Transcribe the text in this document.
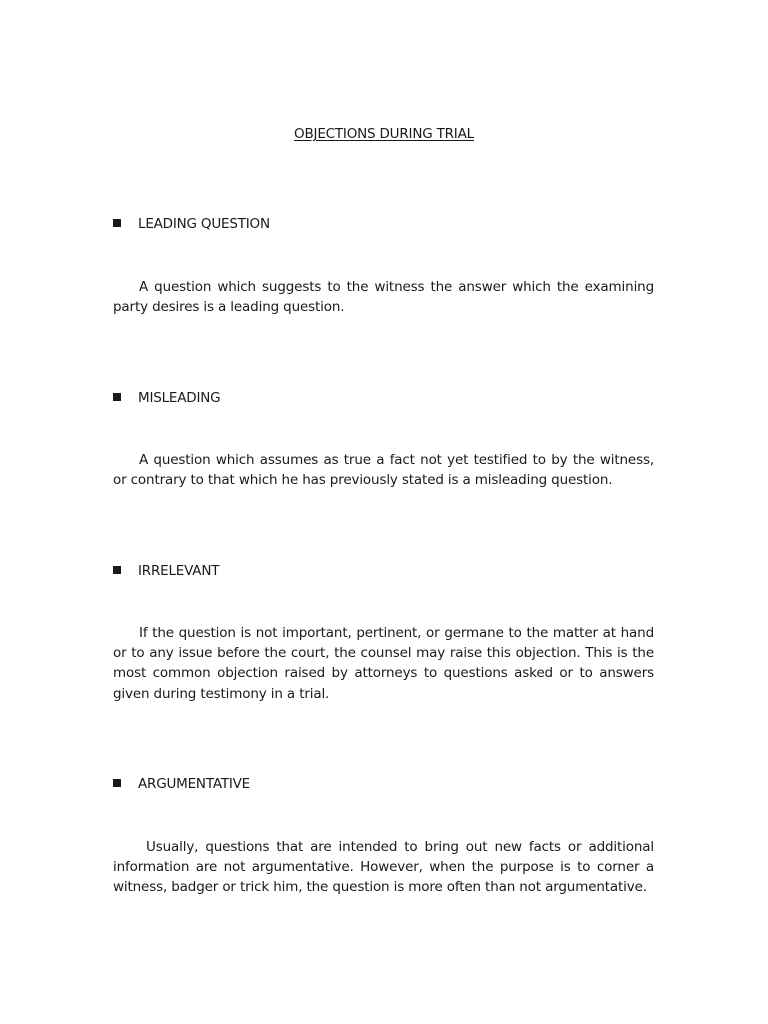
OBJECTIONS DURING TRIAL
LEADING QUESTION

A question which suggests to the witness the answer which the examining party desires is a leading question.

MISLEADING

A question which assumes as true a fact not yet testified to by the witness, or contrary to that which he has previously stated is a misleading question.

IRRELEVANT

If the question is not important, pertinent, or germane to the matter at hand or to any issue before the court, the counsel may raise this objection. This is the most common objection raised by attorneys to questions asked or to answers given during testimony in a trial.

ARGUMENTATIVE

Usually, questions that are intended to bring out new facts or additional information are not argumentative. However, when the purpose is to corner a witness, badger or trick him, the question is more often than not argumentative.
